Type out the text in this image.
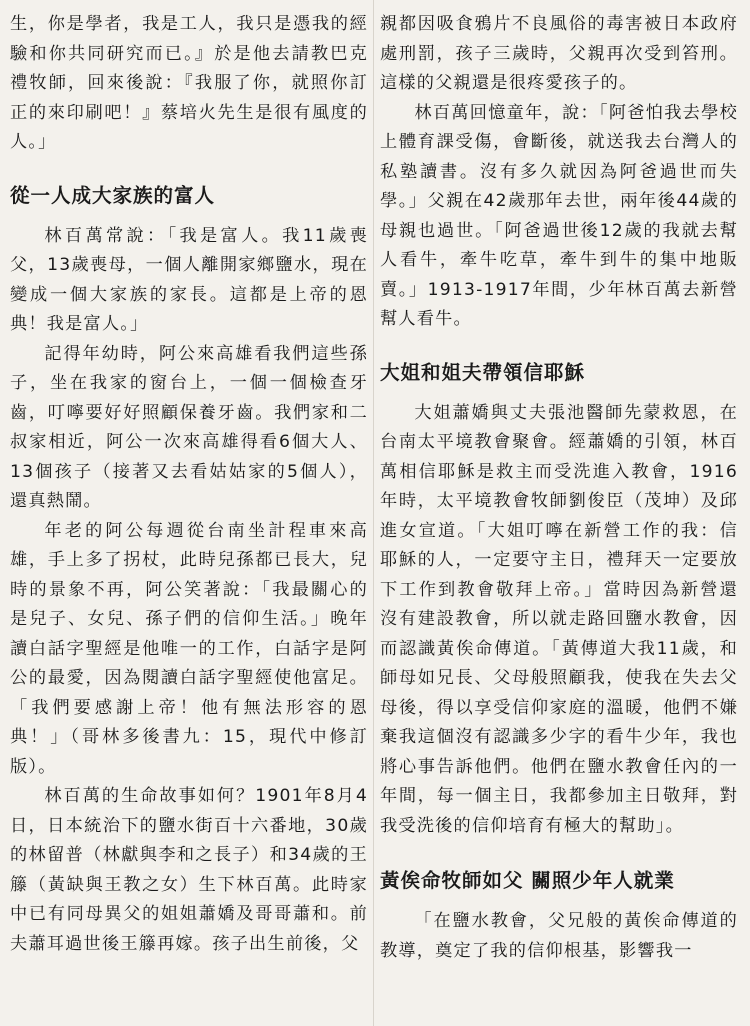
生，你是學者，我是工人，我只是憑我的經驗和你共同研究而已。』於是他去請教巴克禮牧師，回來後說：『我服了你，就照你訂正的來印刷吧！』蔡培火先生是很有風度的人。」

從一人成大家族的富人

林百萬常說：「我是富人。我11歲喪父，13歲喪母，一個人離開家鄉鹽水，現在變成一個大家族的家長。這都是上帝的恩典！我是富人。」

記得年幼時，阿公來高雄看我們這些孫子，坐在我家的窗台上，一個一個檢查牙齒，叮嚀要好好照顧保養牙齒。我們家和二叔家相近，阿公一次來高雄得看6個大人、13個孩子（接著又去看姑姑家的5個人），還真熱鬧。

年老的阿公每週從台南坐計程車來高雄，手上多了拐杖，此時兒孫都已長大，兒時的景象不再，阿公笑著說：「我最關心的是兒子、女兒、孫子們的信仰生活。」晚年讀白話字聖經是他唯一的工作，白話字是阿公的最愛，因為閱讀白話字聖經使他富足。「我們要感謝上帝！他有無法形容的恩典！」（哥林多後書九：15，現代中修訂版）。

林百萬的生命故事如何？1901年8月4日，日本統治下的鹽水街百十六番地，30歲的林留普（林獻與李和之長子）和34歲的王籐（黃缺與王教之女）生下林百萬。此時家中已有同母異父的姐姐蕭嬌及哥哥蕭和。前夫蕭耳過世後王籐再嫁。孩子出生前後，父

親都因吸食鴉片不良風俗的毒害被日本政府處刑罰，孩子三歲時，父親再次受到笞刑。這樣的父親還是很疼愛孩子的。

林百萬回憶童年，說：「阿爸怕我去學校上體育課受傷，會斷後，就送我去台灣人的私塾讀書。沒有多久就因為阿爸過世而失學。」父親在42歲那年去世，兩年後44歲的母親也過世。「阿爸過世後12歲的我就去幫人看牛，牽牛吃草，牽牛到牛的集中地販賣。」1913-1917年間，少年林百萬去新營幫人看牛。

大姐和姐夫帶領信耶穌

大姐蕭嬌與丈夫張池醫師先蒙救恩，在台南太平境教會聚會。經蕭嬌的引領，林百萬相信耶穌是救主而受洗進入教會，1916年時，太平境教會牧師劉俊臣（茂坤）及邱進女宣道。「大姐叮嚀在新營工作的我：信耶穌的人，一定要守主日，禮拜天一定要放下工作到教會敬拜上帝。」當時因為新營還沒有建設教會，所以就走路回鹽水教會，因而認識黃俟命傳道。「黃傳道大我11歲，和師母如兄長、父母般照顧我，使我在失去父母後，得以享受信仰家庭的溫暖，他們不嫌棄我這個沒有認識多少字的看牛少年，我也將心事告訴他們。他們在鹽水教會任內的一年間，每一個主日，我都參加主日敬拜，對我受洗後的信仰培育有極大的幫助」。

黃俟命牧師如父 關照少年人就業

「在鹽水教會，父兄般的黃俟命傳道的教導，奠定了我的信仰根基，影響我一
